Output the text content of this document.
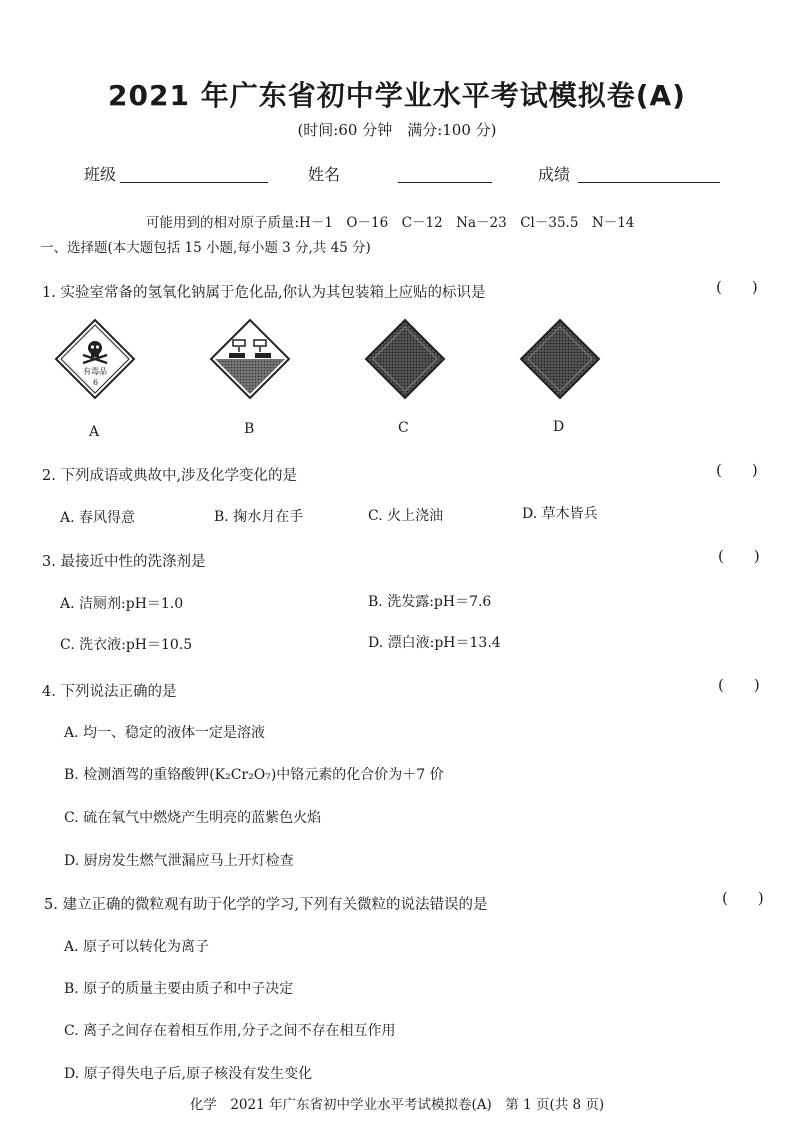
2021 年广东省初中学业水平考试模拟卷(A)
(时间:60 分钟　满分:100 分)
班级	姓名	成绩
可能用到的相对原子质量:H－1　O－16　C－12　Na－23　Cl－35.5　N－14
一、选择题(本大题包括 15 小题,每小题 3 分,共 45 分)
1. 实验室常备的氢氧化钠属于危化品,你认为其包装箱上应贴的标识是	(　　)
有毒品
6
A	B	C	D
2. 下列成语或典故中,涉及化学变化的是	(　　)
A. 春风得意	B. 掬水月在手	C. 火上浇油	D. 草木皆兵
3. 最接近中性的洗涤剂是	(　　)
A. 洁厕剂:pH＝1.0	B. 洗发露:pH＝7.6
C. 洗衣液:pH＝10.5	D. 漂白液:pH＝13.4
4. 下列说法正确的是	(　　)
A. 均一、稳定的液体一定是溶液
B. 检测酒驾的重铬酸钾(K₂Cr₂O₇)中铬元素的化合价为＋7 价
C. 硫在氧气中燃烧产生明亮的蓝紫色火焰
D. 厨房发生燃气泄漏应马上开灯检查
5. 建立正确的微粒观有助于化学的学习,下列有关微粒的说法错误的是	(　　)
A. 原子可以转化为离子
B. 原子的质量主要由质子和中子决定
C. 离子之间存在着相互作用,分子之间不存在相互作用
D. 原子得失电子后,原子核没有发生变化
化学　2021 年广东省初中学业水平考试模拟卷(A)　第 1 页(共 8 页)
